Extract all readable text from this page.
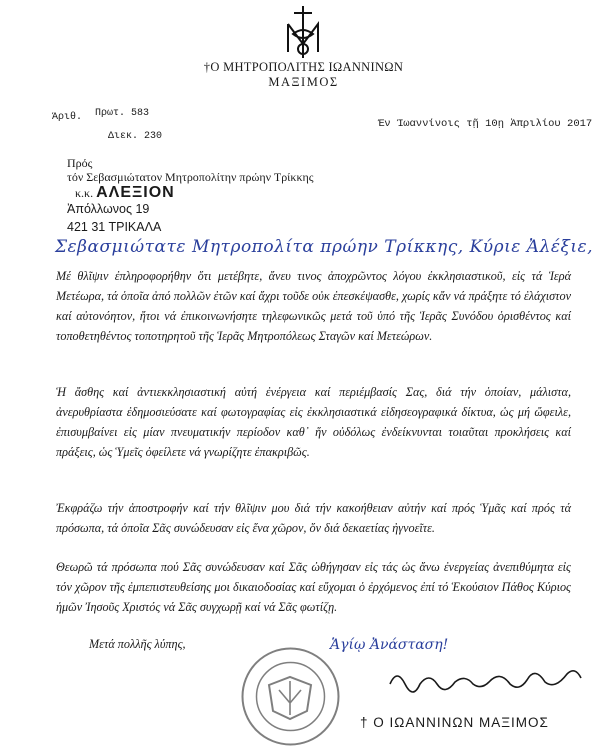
†Ο ΜΗΤΡΟΠΟΛΙΤΗΣ ΙΩΑΝΝΙΝΩΝ
ΜΑΞΙΜΟΣ
Άριθ. Πρωτ. 583
Διεκ. 230
Έν Ίωαννίνοις τῇ 10ῃ Ἀπριλίου 2017
Πρός
τόν Σεβασμιώτατον Μητροπολίτην πρώην Τρίκκης
κ.κ. ΑΛΕΞΙΟΝ
Ἀπόλλωνος 19
421 31 ΤΡΙΚΑΛΑ
Σεβασμιώτατε Μητροπολίτα πρώην Τρίκκης, Κύριε Ἀλέξιε,
Μέ θλῖψιν ἐπληροφορήθην ὅτι μετέβητε, ἄνευ τινος ἀποχρῶντος λόγου ἐκκλησιαστικοῦ, εἰς τά Ἱερά Μετέωρα, τά ὁποῖα ἀπό πολλῶν ἐτῶν καί ἄχρι τοῦδε οὐκ ἐπεσκέψασθε, χωρίς κἄν νά πράξητε τό ἐλάχιστον καί αὐτονόητον, ἤτοι νά ἐπικοινωνήσητε τηλεφωνικῶς μετά τοῦ ὑπό τῆς Ἱερᾶς Συνόδου ὁρισθέντος καί τοποθετηθέντος τοποτηρητοῦ τῆς Ἱερᾶς Μητροπόλεως Σταγῶν καί Μετεώρων.
Ἡ ἄσθης καί ἀντιεκκλησιαστική αὐτή ἐνέργεια καί περιέμβασίς Σας, διά τήν ὁποίαν, μάλιστα, ἀνερυθρίαστα ἐδημοσιεύσατε καί φωτογραφίας εἰς ἐκκλησιαστικά εἰδησεογραφικά δίκτυα, ὡς μή ὤφειλε, ἐπισυμβαίνει εἰς μίαν πνευματικήν περίοδον καθ᾽ ἥν οὐδόλως ἐνδείκνυνται τοιαῦται προκλήσεις καί πράξεις, ὡς Ὑμεῖς ὀφείλετε νά γνωρίζητε ἐπακριβῶς.
Ἐκφράζω τήν ἀποστροφήν καί τήν θλῖψιν μου διά τήν κακοήθειαν αὐτήν καί πρός Ὑμᾶς καί πρός τά πρόσωπα, τά ὁποῖα Σᾶς συνώδευσαν εἰς ἕνα χῶρον, ὅν διά δεκαετίας ἠγνοεῖτε.
Θεωρῶ τά πρόσωπα πού Σᾶς συνώδευσαν καί Σᾶς ὠθήγησαν εἰς τάς ὡς ἄνω ἐνεργείας ἀνεπιθύμητα εἰς τόν χῶρον τῆς ἐμπεπιστευθείσης μοι δικαιοδοσίας καί εὔχομαι ὁ ἐρχόμενος ἐπί τό Ἑκούσιον Πάθος Κύριος ἡμῶν Ἰησοῦς Χριστός νά Σᾶς συγχωρῇ καί νά Σᾶς φωτίζῃ.
Μετά πολλῆς λύπης,	Ἁγίῳ Ἀνάσταση!
† Ο ΙΩΑΝΝΙΝΩΝ ΜΑΞΙΜΟΣ
